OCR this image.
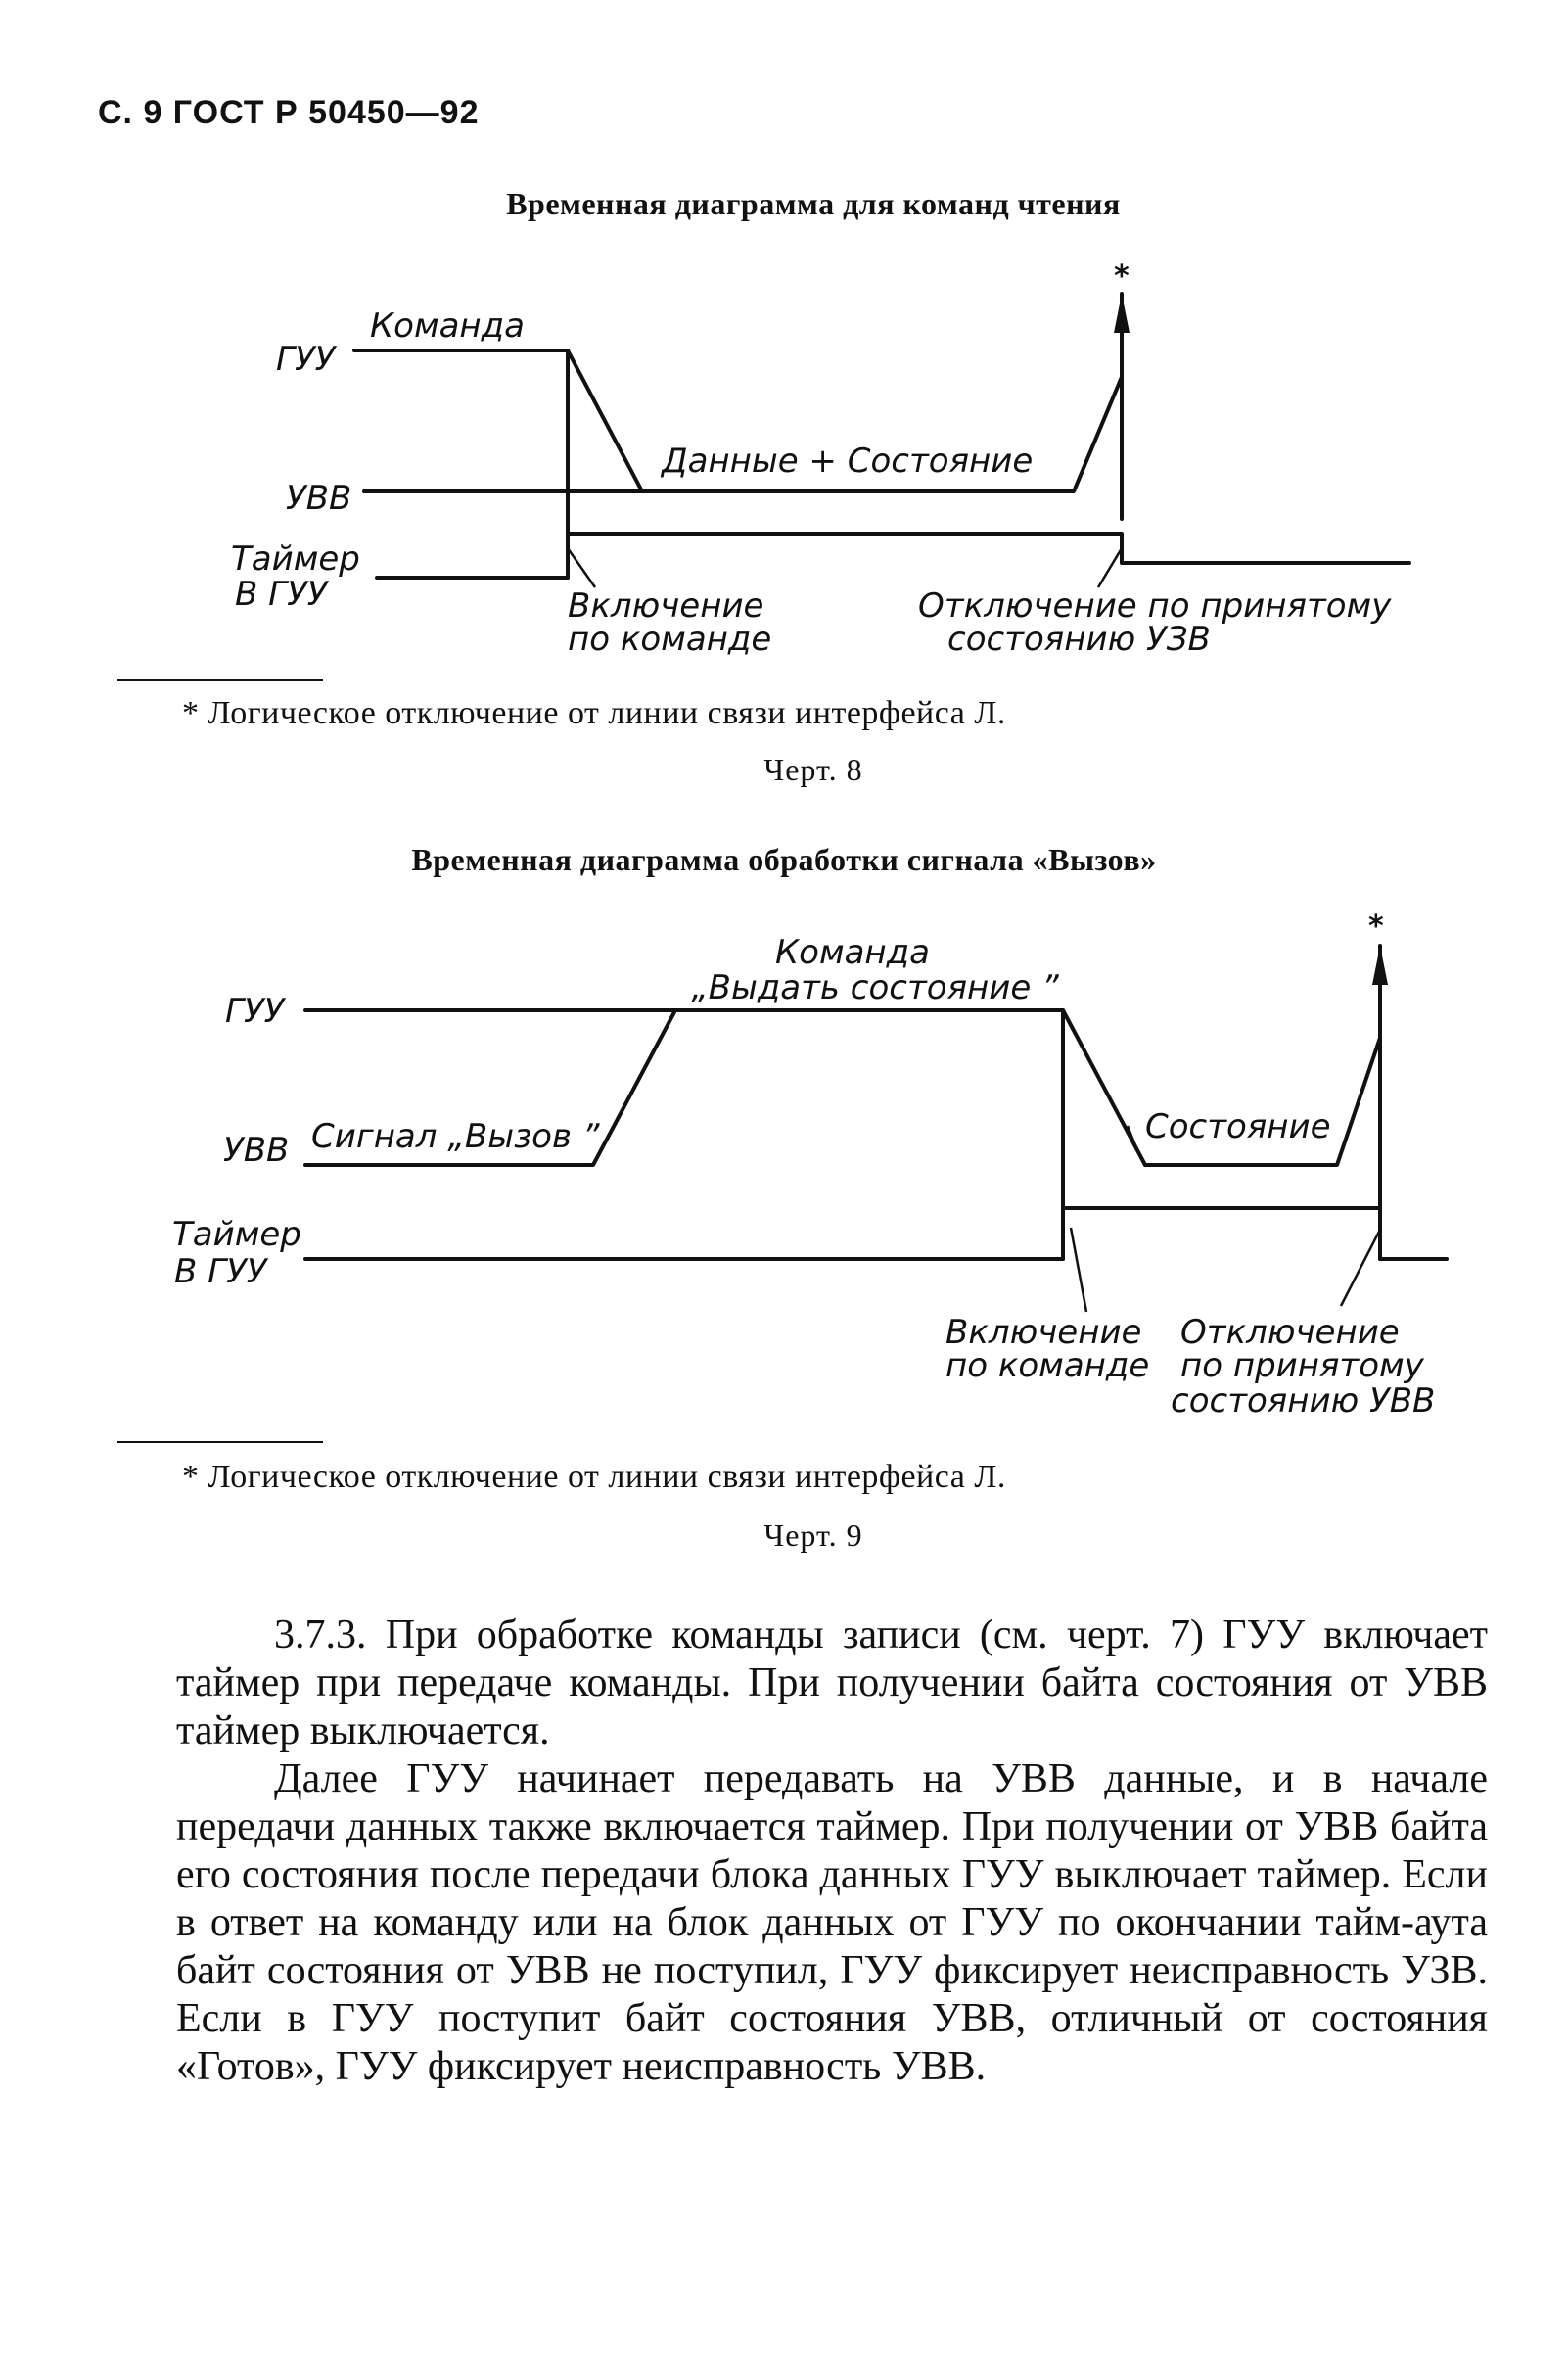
С. 9 ГОСТ Р 50450—92
Временная диаграмма для команд чтения
*
ГУУ
УВВ
Таймер
В ГУУ
Команда
Данные + Состояние
Включение
по команде
Отключение по принятому
состоянию УЗВ
* Логическое отключение от линии связи интерфейса Л.
Черт. 8
Временная диаграмма обработки сигнала «Вызов»
*
ГУУ
УВВ
Таймер
В ГУУ
Команда
„Выдать состояние ”
Сигнал „Вызов ”	Состояние
Включение
по команде
Отключение
по принятому
состоянию УВВ
* Логическое отключение от линии связи интерфейса Л.
Черт. 9

3.7.3. При обработке команды записи (см. черт. 7) ГУУ включает таймер при передаче команды. При получении байта состояния от УВВ таймер выключается.

Далее ГУУ начинает передавать на УВВ данные, и в начале передачи данных также включается таймер. При получении от УВВ байта его состояния после передачи блока данных ГУУ выключает таймер. Если в ответ на команду или на блок данных от ГУУ по окончании тайм-аута байт состояния от УВВ не поступил, ГУУ фиксирует неисправность УЗВ. Если в ГУУ поступит байт состояния УВВ, отличный от состояния «Готов», ГУУ фиксирует неисправность УВВ.
